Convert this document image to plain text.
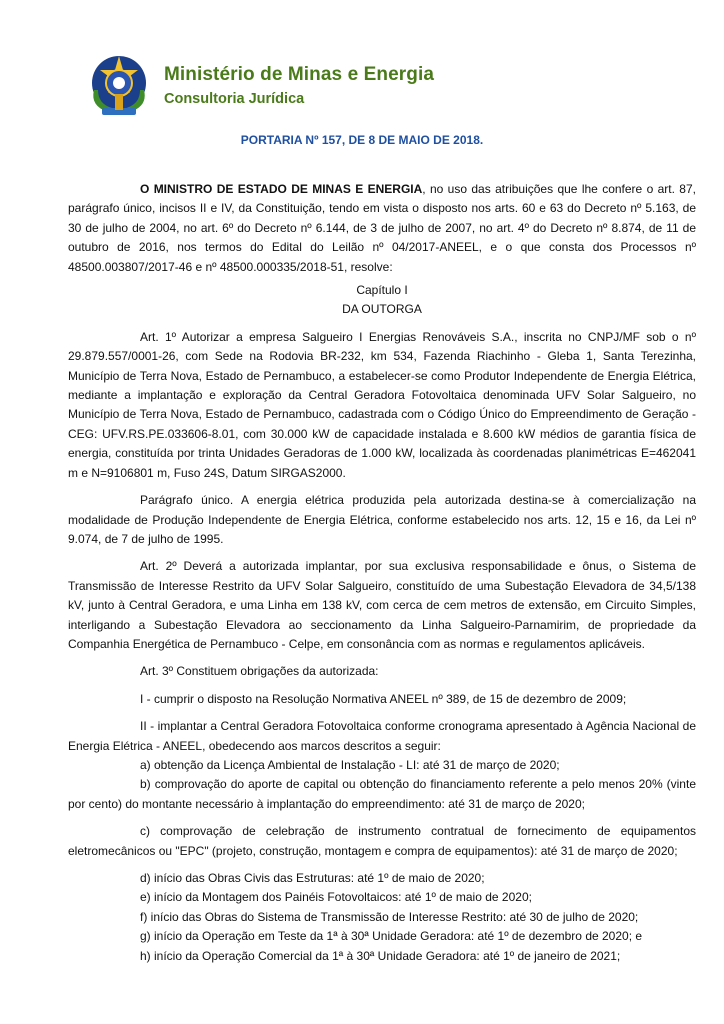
Ministério de Minas e Energia
Consultoria Jurídica
PORTARIA Nº 157, DE 8 DE MAIO DE 2018.

O MINISTRO DE ESTADO DE MINAS E ENERGIA, no uso das atribuições que lhe confere o art. 87, parágrafo único, incisos II e IV, da Constituição, tendo em vista o disposto nos arts. 60 e 63 do Decreto nº 5.163, de 30 de julho de 2004, no art. 6º do Decreto nº 6.144, de 3 de julho de 2007, no art. 4º do Decreto nº 8.874, de 11 de outubro de 2016, nos termos do Edital do Leilão nº 04/2017-ANEEL, e o que consta dos Processos nº 48500.003807/2017-46 e nº 48500.000335/2018-51, resolve:

Capítulo I

DA OUTORGA

Art. 1º Autorizar a empresa Salgueiro I Energias Renováveis S.A., inscrita no CNPJ/MF sob o nº 29.879.557/0001-26, com Sede na Rodovia BR-232, km 534, Fazenda Riachinho - Gleba 1, Santa Terezinha, Município de Terra Nova, Estado de Pernambuco, a estabelecer-se como Produtor Independente de Energia Elétrica, mediante a implantação e exploração da Central Geradora Fotovoltaica denominada UFV Solar Salgueiro, no Município de Terra Nova, Estado de Pernambuco, cadastrada com o Código Único do Empreendimento de Geração - CEG: UFV.RS.PE.033606-8.01, com 30.000 kW de capacidade instalada e 8.600 kW médios de garantia física de energia, constituída por trinta Unidades Geradoras de 1.000 kW, localizada às coordenadas planimétricas E=462041 m e N=9106801 m, Fuso 24S, Datum SIRGAS2000.

Parágrafo único. A energia elétrica produzida pela autorizada destina-se à comercialização na modalidade de Produção Independente de Energia Elétrica, conforme estabelecido nos arts. 12, 15 e 16, da Lei nº 9.074, de 7 de julho de 1995.

Art. 2º Deverá a autorizada implantar, por sua exclusiva responsabilidade e ônus, o Sistema de Transmissão de Interesse Restrito da UFV Solar Salgueiro, constituído de uma Subestação Elevadora de 34,5/138 kV, junto à Central Geradora, e uma Linha em 138 kV, com cerca de cem metros de extensão, em Circuito Simples, interligando a Subestação Elevadora ao seccionamento da Linha Salgueiro-Parnamirim, de propriedade da Companhia Energética de Pernambuco - Celpe, em consonância com as normas e regulamentos aplicáveis.

Art. 3º Constituem obrigações da autorizada:

I - cumprir o disposto na Resolução Normativa ANEEL nº 389, de 15 de dezembro de 2009;

II - implantar a Central Geradora Fotovoltaica conforme cronograma apresentado à Agência Nacional de Energia Elétrica - ANEEL, obedecendo aos marcos descritos a seguir:

a) obtenção da Licença Ambiental de Instalação - LI: até 31 de março de 2020;

b) comprovação do aporte de capital ou obtenção do financiamento referente a pelo menos 20% (vinte por cento) do montante necessário à implantação do empreendimento: até 31 de março de 2020;

c) comprovação de celebração de instrumento contratual de fornecimento de equipamentos eletromecânicos ou "EPC" (projeto, construção, montagem e compra de equipamentos): até 31 de março de 2020;

d) início das Obras Civis das Estruturas: até 1º de maio de 2020;

e) início da Montagem dos Painéis Fotovoltaicos: até 1º de maio de 2020;

f) início das Obras do Sistema de Transmissão de Interesse Restrito: até 30 de julho de 2020;

g) início da Operação em Teste da 1ª à 30ª Unidade Geradora: até 1º de dezembro de 2020; e

h) início da Operação Comercial da 1ª à 30ª Unidade Geradora: até 1º de janeiro de 2021;
